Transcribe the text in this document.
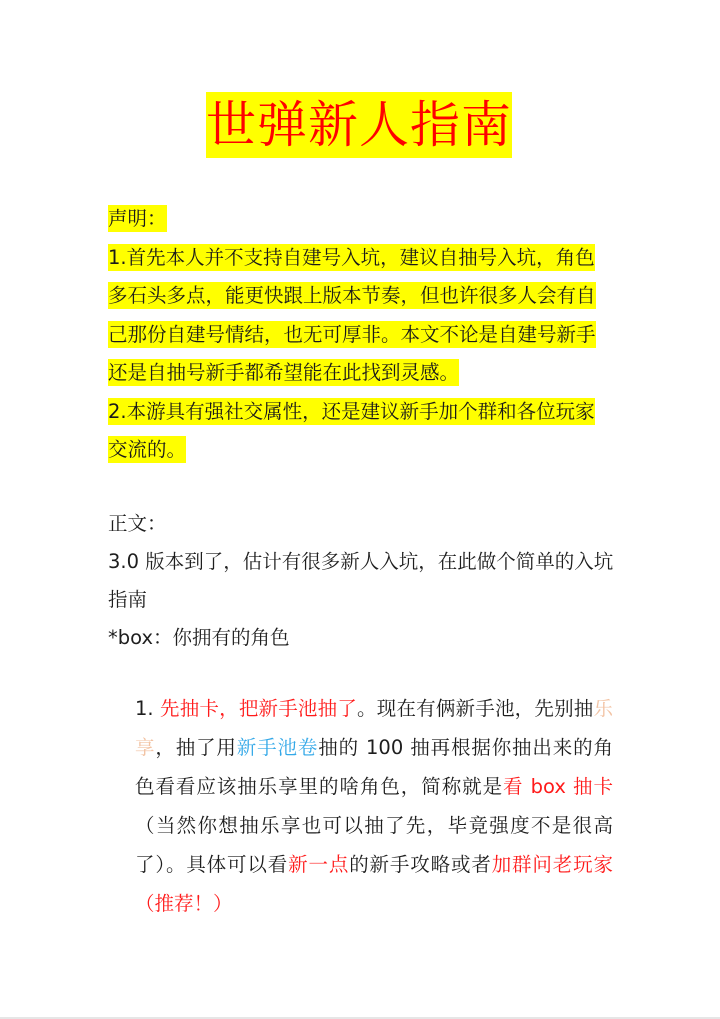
世弹新人指南

声明：

1.首先本人并不支持自建号入坑，建议自抽号入坑，角色多石头多点，能更快跟上版本节奏，但也许很多人会有自己那份自建号情结，也无可厚非。本文不论是自建号新手还是自抽号新手都希望能在此找到灵感。

2.本游具有强社交属性，还是建议新手加个群和各位玩家交流的。

正文：

3.0 版本到了，估计有很多新人入坑，在此做个简单的入坑指南

*box：你拥有的角色

1. 先抽卡，把新手池抽了。现在有俩新手池，先别抽乐享，抽了用新手池卷抽的 100 抽再根据你抽出来的角色看看应该抽乐享里的啥角色，简称就是看 box 抽卡（当然你想抽乐享也可以抽了先，毕竟强度不是很高了）。具体可以看新一点的新手攻略或者加群问老玩家（推荐！）
